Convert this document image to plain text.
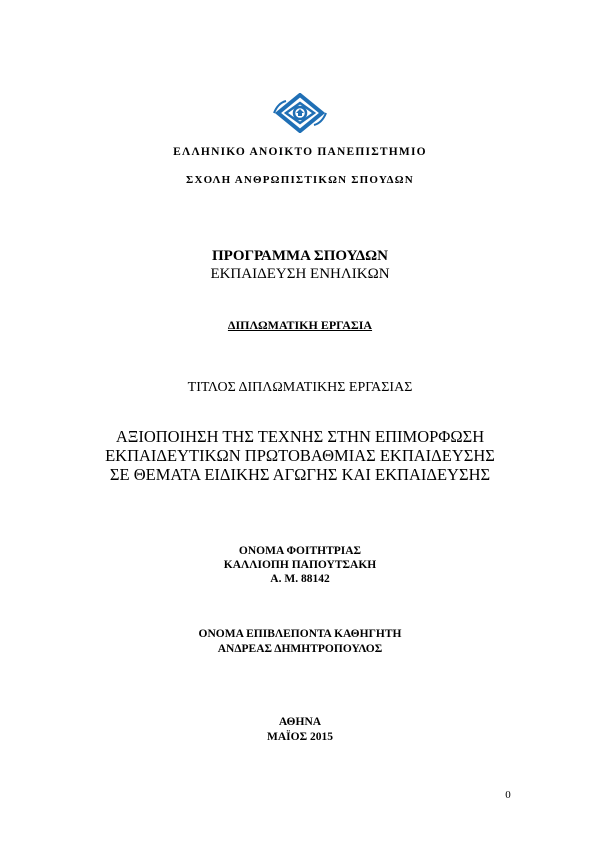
ΕΛΛΗΝΙΚΟ ΑΝΟΙΚΤΟ ΠΑΝΕΠΙΣΤΗΜΙΟ
ΣΧΟΛΗ ΑΝΘΡΩΠΙΣΤΙΚΩΝ ΣΠΟΥΔΩΝ
ΠΡΟΓΡΑΜΜΑ ΣΠΟΥΔΩΝ
ΕΚΠΑΙΔΕΥΣΗ ΕΝΗΛΙΚΩΝ
ΔΙΠΛΩΜΑΤΙΚΗ ΕΡΓΑΣΙΑ
ΤΙΤΛΟΣ ΔΙΠΛΩΜΑΤΙΚΗΣ ΕΡΓΑΣΙΑΣ
ΑΞΙΟΠΟΙΗΣΗ ΤΗΣ ΤΕΧΝΗΣ ΣΤΗΝ ΕΠΙΜΟΡΦΩΣΗ
ΕΚΠΑΙΔΕΥΤΙΚΩΝ ΠΡΩΤΟΒΑΘΜΙΑΣ ΕΚΠΑΙΔΕΥΣΗΣ
ΣΕ ΘΕΜΑΤΑ ΕΙΔΙΚΗΣ ΑΓΩΓΗΣ ΚΑΙ ΕΚΠΑΙΔΕΥΣΗΣ
ΟΝΟΜΑ ΦΟΙΤΗΤΡΙΑΣ
ΚΑΛΛΙΟΠΗ ΠΑΠΟΥΤΣΑΚΗ
Α. Μ. 88142
ΟΝΟΜΑ ΕΠΙΒΛΕΠΟΝΤΑ ΚΑΘΗΓΗΤΗ
ΑΝΔΡΕΑΣ ΔΗΜΗΤΡΟΠΟΥΛΟΣ
ΑΘΗΝΑ
ΜΑΪΟΣ 2015
0
